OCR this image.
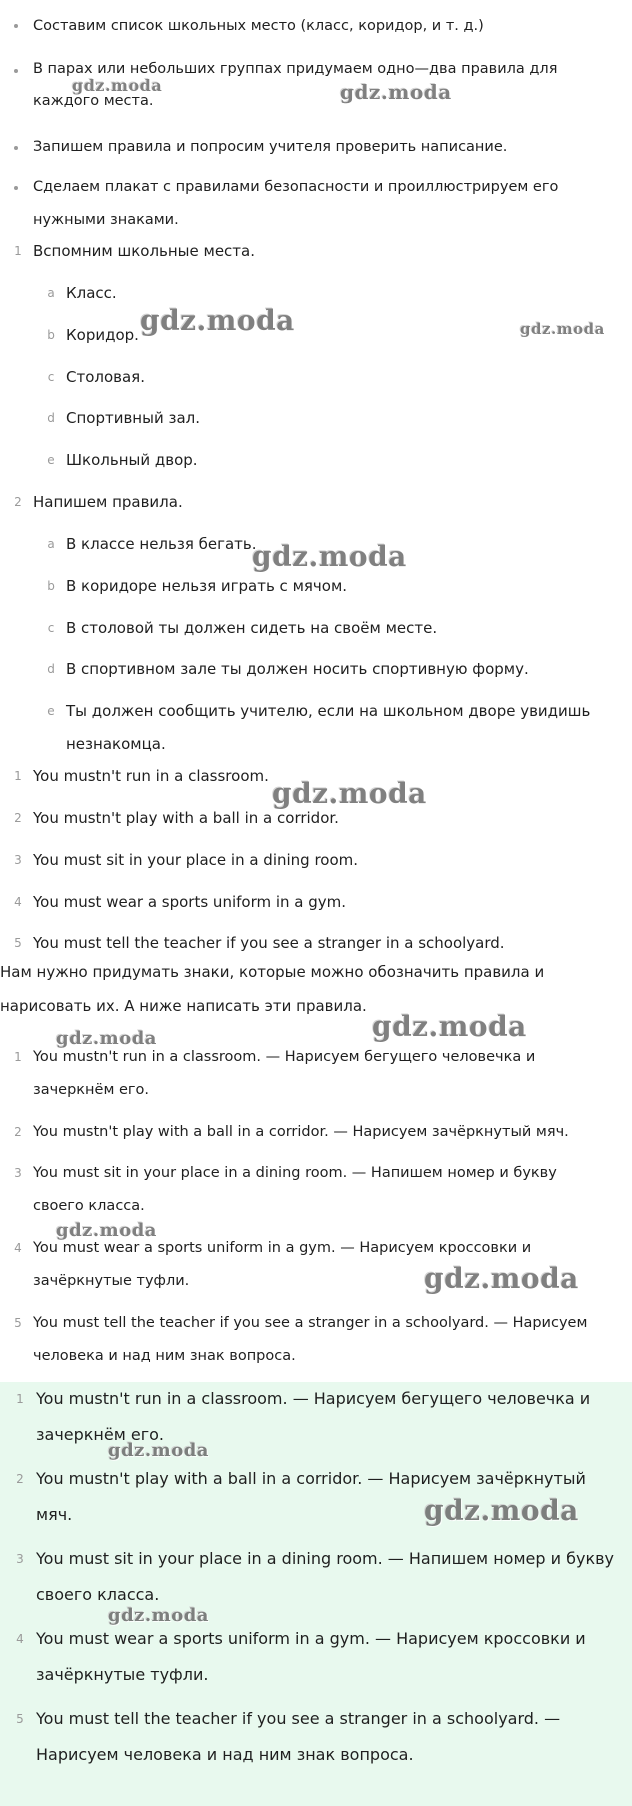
Составим список школьных место (класс, коридор, и т. д.)
В парах или небольших группах придумаем одно—два правила для
каждого места.
Запишем правила и попросим учителя проверить написание.
Сделаем плакат с правилами безопасности и проиллюстрируем его
нужными знаками.
1 Вспомним школьные места.
a Класс.
b Коридор.
c Столовая.
d Спортивный зал.
e Школьный двор.
2 Напишем правила.
a В классе нельзя бегать.
b В коридоре нельзя играть с мячом.
c В столовой ты должен сидеть на своём месте.
d В спортивном зале ты должен носить спортивную форму.
e Ты должен сообщить учителю, если на школьном дворе увидишь
незнакомца.
1 You mustn't run in a classroom.
2 You mustn't play with a ball in a corridor.
3 You must sit in your place in a dining room.
4 You must wear a sports uniform in a gym.
5 You must tell the teacher if you see a stranger in a schoolyard.
Нам нужно придумать знаки, которые можно обозначить правила и
нарисовать их. А ниже написать эти правила.
1 You mustn't run in a classroom. — Нарисуем бегущего человечка и
зачеркнём его.
2 You mustn't play with a ball in a corridor. — Нарисуем зачёркнутый мяч.
3 You must sit in your place in a dining room. — Напишем номер и букву
своего класса.
4 You must wear a sports uniform in a gym. — Нарисуем кроссовки и
зачёркнутые туфли.
5 You must tell the teacher if you see a stranger in a schoolyard. — Нарисуем
человека и над ним знак вопроса.
1 You mustn't run in a classroom. — Нарисуем бегущего человечка и
зачеркнём его.
2 You mustn't play with a ball in a corridor. — Нарисуем зачёркнутый
мяч.
3 You must sit in your place in a dining room. — Напишем номер и букву
своего класса.
4 You must wear a sports uniform in a gym. — Нарисуем кроссовки и
зачёркнутые туфли.
5 You must tell the teacher if you see a stranger in a schoolyard. —
Нарисуем человека и над ним знак вопроса.
gdz.moda	gdz.moda
gdz.moda	gdz.moda
gdz.moda
gdz.moda
gdz.moda	gdz.moda
gdz.moda
gdz.moda
gdz.moda
gdz.moda
gdz.moda
